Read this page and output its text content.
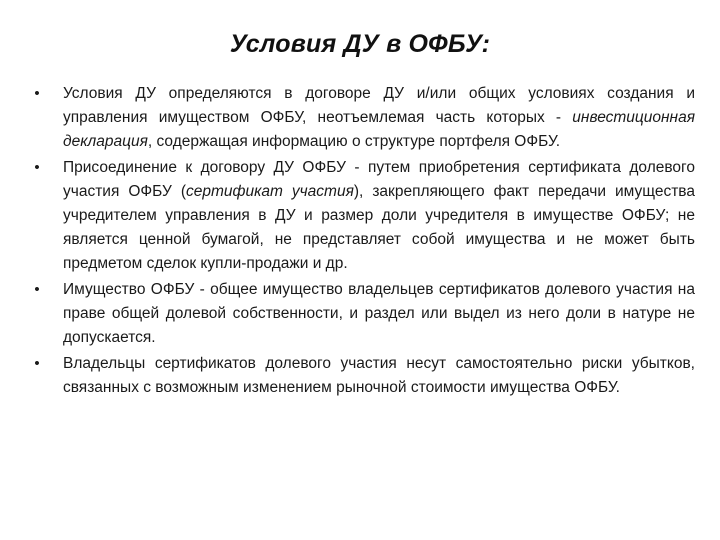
Условия ДУ в ОФБУ:
• Условия ДУ определяются в договоре ДУ и/или общих условиях создания и управления имуществом ОФБУ, неотъемлемая часть которых - инвестиционная декларация, содержащая информацию о структуре портфеля ОФБУ.
• Присоединение к договору ДУ ОФБУ - путем приобретения сертификата долевого участия ОФБУ (сертификат участия), закрепляющего факт передачи имущества учредителем управления в ДУ и размер доли учредителя в имуществе ОФБУ; не является ценной бумагой, не представляет собой имущества и не может быть предметом сделок купли-продажи и др.
• Имущество ОФБУ - общее имущество владельцев сертификатов долевого участия на праве общей долевой собственности, и раздел или выдел из него доли в натуре не допускается.
• Владельцы сертификатов долевого участия несут самостоятельно риски убытков, связанных с возможным изменением рыночной стоимости имущества ОФБУ.
